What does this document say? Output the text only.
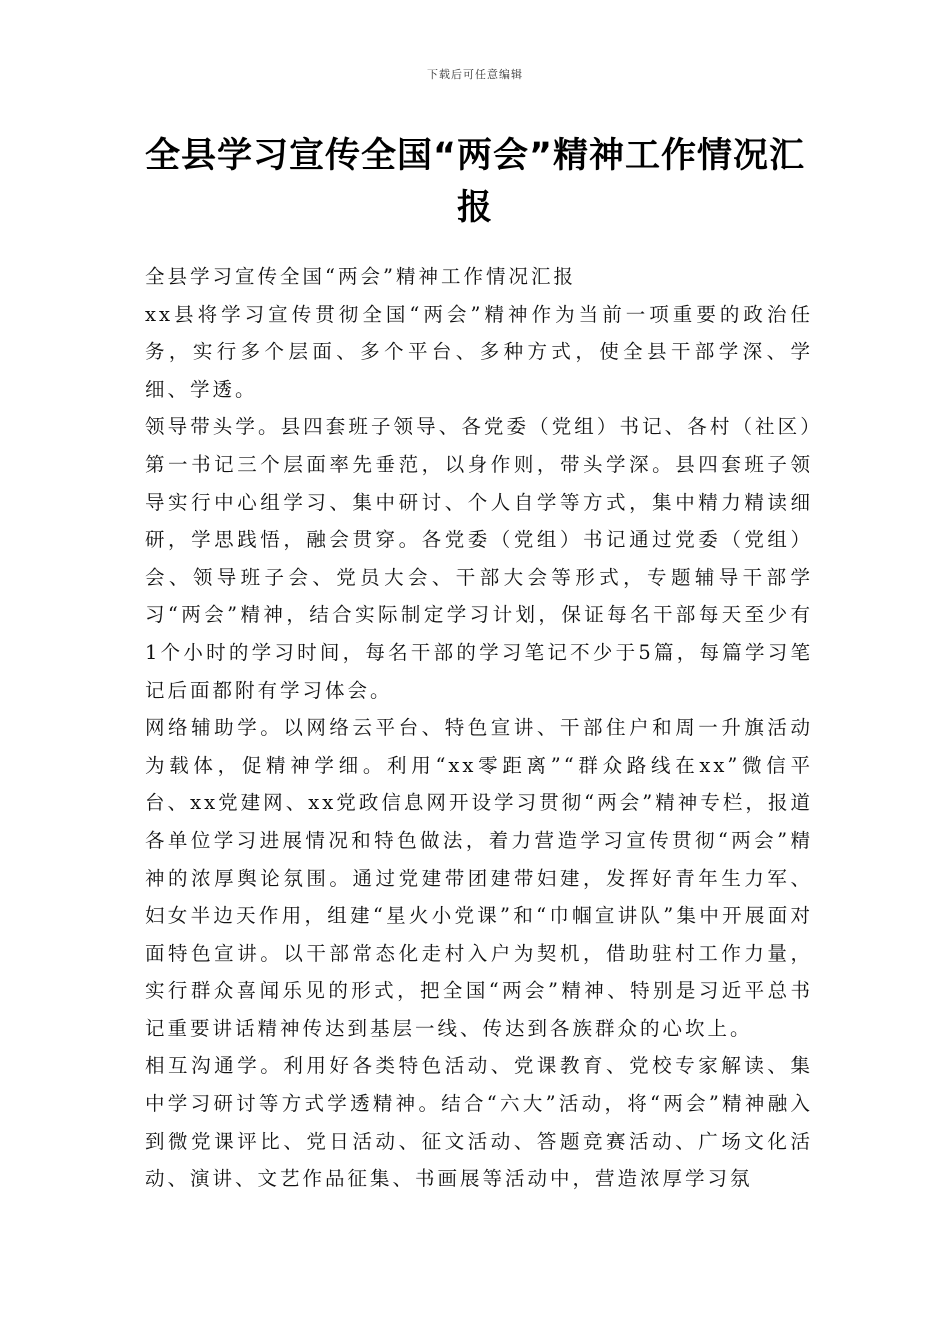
下载后可任意编辑
全县学习宣传全国“两会”精神工作情况汇报

全县学习宣传全国“两会”精神工作情况汇报

xx县将学习宣传贯彻全国“两会”精神作为当前一项重要的政治任务，实行多个层面、多个平台、多种方式，使全县干部学深、学细、学透。

领导带头学。县四套班子领导、各党委（党组）书记、各村（社区）第一书记三个层面率先垂范，以身作则，带头学深。县四套班子领导实行中心组学习、集中研讨、个人自学等方式，集中精力精读细研，学思践悟，融会贯穿。各党委（党组）书记通过党委（党组）会、领导班子会、党员大会、干部大会等形式，专题辅导干部学习“两会”精神，结合实际制定学习计划，保证每名干部每天至少有1个小时的学习时间，每名干部的学习笔记不少于5篇，每篇学习笔记后面都附有学习体会。

网络辅助学。以网络云平台、特色宣讲、干部住户和周一升旗活动为载体，促精神学细。利用“xx零距离”“群众路线在xx”微信平台、xx党建网、xx党政信息网开设学习贯彻“两会”精神专栏，报道各单位学习进展情况和特色做法，着力营造学习宣传贯彻“两会”精神的浓厚舆论氛围。通过党建带团建带妇建，发挥好青年生力军、妇女半边天作用，组建“星火小党课”和“巾帼宣讲队”集中开展面对面特色宣讲。以干部常态化走村入户为契机，借助驻村工作力量，实行群众喜闻乐见的形式，把全国“两会”精神、特别是习近平总书记重要讲话精神传达到基层一线、传达到各族群众的心坎上。

相互沟通学。利用好各类特色活动、党课教育、党校专家解读、集中学习研讨等方式学透精神。结合“六大”活动，将“两会”精神融入到微党课评比、党日活动、征文活动、答题竞赛活动、广场文化活动、演讲、文艺作品征集、书画展等活动中，营造浓厚学习氛
